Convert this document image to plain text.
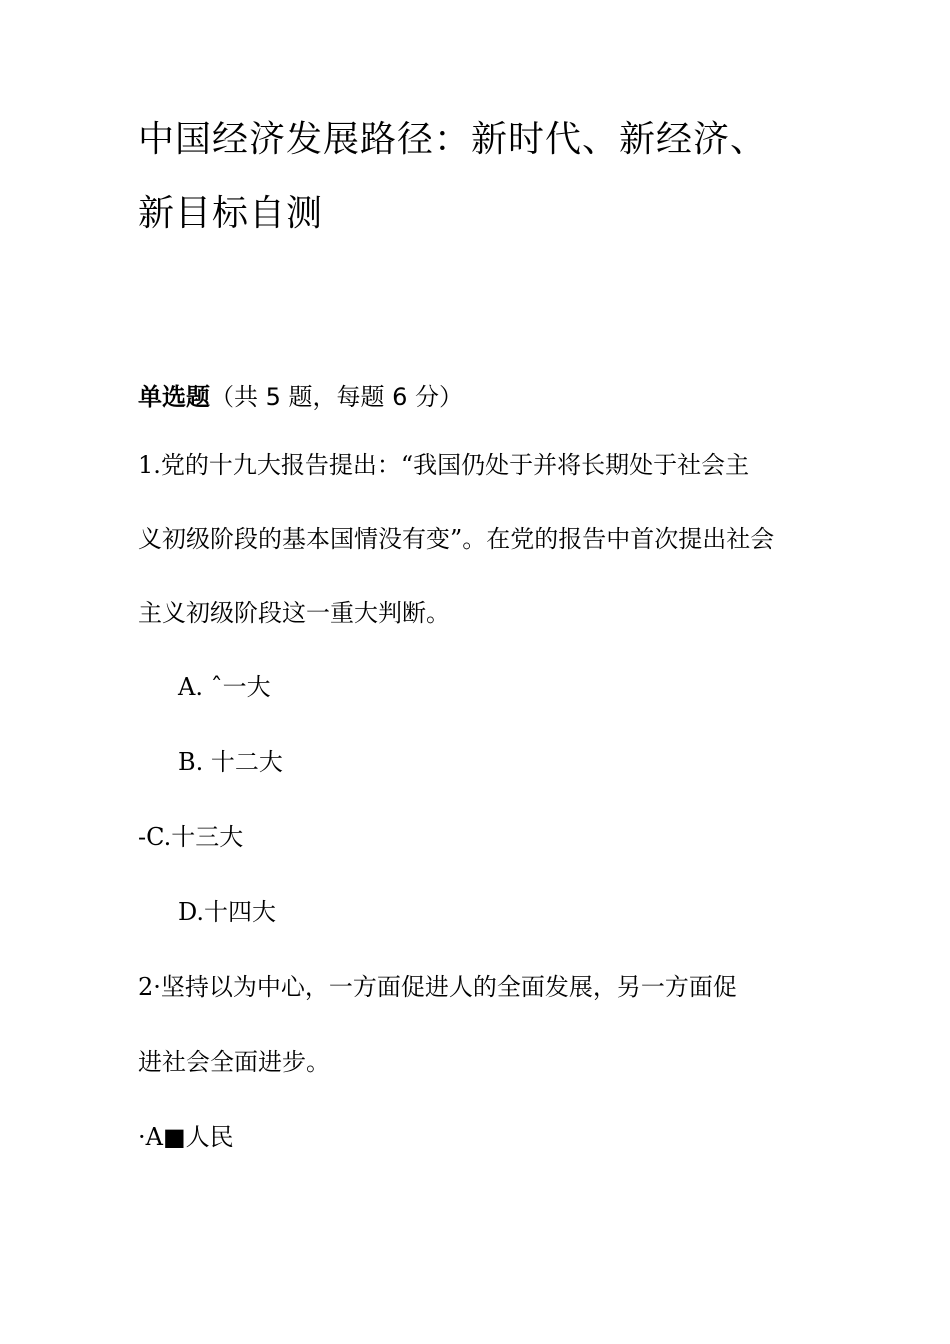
中国经济发展路径：新时代、新经济、
新目标自测
单选题（共 5 题，每题 6 分）
1.党的十九大报告提出：“我国仍处于并将长期处于社会主
义初级阶段的基本国情没有变”。在党的报告中首次提出社会
主义初级阶段这一重大判断。
A. ˆ一大
B. 十二大
-C.十三大
D.十四大
2·坚持以为中心，一方面促进人的全面发展，另一方面促
进社会全面进步。
·A■人民
